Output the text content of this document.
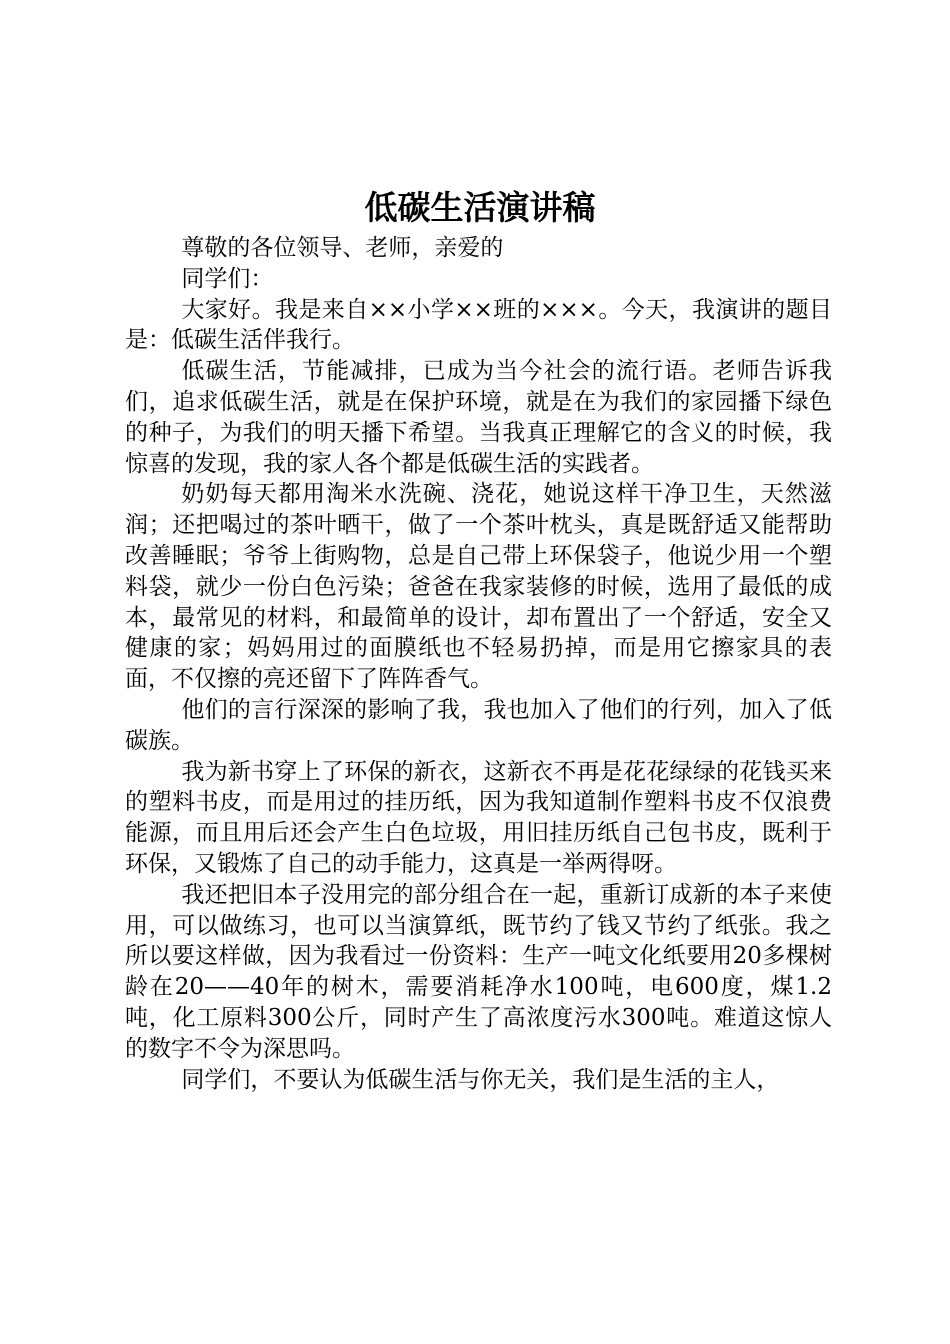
低碳生活演讲稿

尊敬的各位领导、老师，亲爱的

同学们：

大家好。我是来自××小学××班的×××。今天，我演讲的题目是：低碳生活伴我行。

低碳生活，节能减排，已成为当今社会的流行语。老师告诉我们，追求低碳生活，就是在保护环境，就是在为我们的家园播下绿色的种子，为我们的明天播下希望。当我真正理解它的含义的时候，我惊喜的发现，我的家人各个都是低碳生活的实践者。

奶奶每天都用淘米水洗碗、浇花，她说这样干净卫生，天然滋润；还把喝过的茶叶晒干，做了一个茶叶枕头，真是既舒适又能帮助改善睡眠；爷爷上街购物，总是自己带上环保袋子，他说少用一个塑料袋，就少一份白色污染；爸爸在我家装修的时候，选用了最低的成本，最常见的材料，和最简单的设计，却布置出了一个舒适，安全又健康的家；妈妈用过的面膜纸也不轻易扔掉，而是用它擦家具的表面，不仅擦的亮还留下了阵阵香气。

他们的言行深深的影响了我，我也加入了他们的行列，加入了低碳族。

我为新书穿上了环保的新衣，这新衣不再是花花绿绿的花钱买来的塑料书皮，而是用过的挂历纸，因为我知道制作塑料书皮不仅浪费能源，而且用后还会产生白色垃圾，用旧挂历纸自己包书皮，既利于环保，又锻炼了自己的动手能力，这真是一举两得呀。

我还把旧本子没用完的部分组合在一起，重新订成新的本子来使用，可以做练习，也可以当演算纸，既节约了钱又节约了纸张。我之所以要这样做，因为我看过一份资料：生产一吨文化纸要用20多棵树龄在20——40年的树木，需要消耗净水100吨，电600度，煤1.2吨，化工原料300公斤，同时产生了高浓度污水300吨。难道这惊人的数字不令为深思吗。

同学们，不要认为低碳生活与你无关，我们是生活的主人，
